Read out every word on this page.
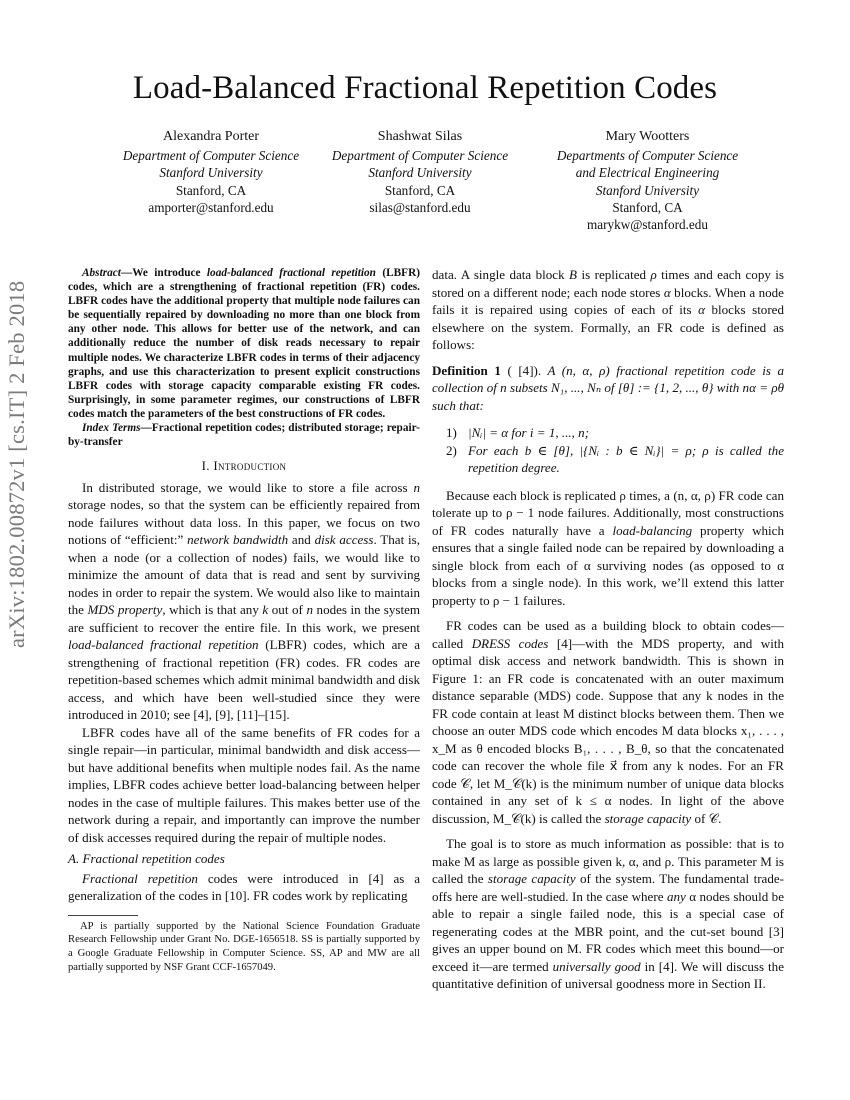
arXiv:1802.00872v1 [cs.IT] 2 Feb 2018
Load-Balanced Fractional Repetition Codes
Alexandra Porter
Department of Computer Science
Stanford University
Stanford, CA
amporter@stanford.edu
Shashwat Silas
Department of Computer Science
Stanford University
Stanford, CA
silas@stanford.edu
Mary Wootters
Departments of Computer Science
and Electrical Engineering
Stanford University
Stanford, CA
marykw@stanford.edu

Abstract—We introduce load-balanced fractional repetition (LBFR) codes, which are a strengthening of fractional repetition (FR) codes. LBFR codes have the additional property that multiple node failures can be sequentially repaired by downloading no more than one block from any other node. This allows for better use of the network, and can additionally reduce the number of disk reads necessary to repair multiple nodes. We characterize LBFR codes in terms of their adjacency graphs, and use this characterization to present explicit constructions LBFR codes with storage capacity comparable existing FR codes. Surprisingly, in some parameter regimes, our constructions of LBFR codes match the parameters of the best constructions of FR codes.

Index Terms—Fractional repetition codes; distributed storage; repair-by-transfer

I. Introduction

In distributed storage, we would like to store a file across n storage nodes, so that the system can be efficiently repaired from node failures without data loss. In this paper, we focus on two notions of “efficient:” network bandwidth and disk access. That is, when a node (or a collection of nodes) fails, we would like to minimize the amount of data that is read and sent by surviving nodes in order to repair the system. We would also like to maintain the MDS property, which is that any k out of n nodes in the system are sufficient to recover the entire file. In this work, we present load-balanced fractional repetition (LBFR) codes, which are a strengthening of fractional repetition (FR) codes. FR codes are repetition-based schemes which admit minimal bandwidth and disk access, and which have been well-studied since they were introduced in 2010; see [4], [9], [11]–[15].

LBFR codes have all of the same benefits of FR codes for a single repair—in particular, minimal bandwidth and disk access—but have additional benefits when multiple nodes fail. As the name implies, LBFR codes achieve better load-balancing between helper nodes in the case of multiple failures. This makes better use of the network during a repair, and importantly can improve the number of disk accesses required during the repair of multiple nodes.

A. Fractional repetition codes

Fractional repetition codes were introduced in [4] as a generalization of the codes in [10]. FR codes work by replicating

AP is partially supported by the National Science Foundation Graduate Research Fellowship under Grant No. DGE-1656518. SS is partially supported by a Google Graduate Fellowship in Computer Science. SS, AP and MW are all partially supported by NSF Grant CCF-1657049.

data. A single data block B is replicated ρ times and each copy is stored on a different node; each node stores α blocks. When a node fails it is repaired using copies of each of its α blocks stored elsewhere on the system. Formally, an FR code is defined as follows:

Definition 1 ( [4]). A (n, α, ρ) fractional repetition code is a collection of n subsets N₁, ..., Nₙ of [θ] := {1, 2, ..., θ} with nα = ρθ such that:

1) |Nᵢ| = α for i = 1, ..., n;
2) For each b ∈ [θ], |{Nᵢ : b ∈ Nᵢ}| = ρ; ρ is called the repetition degree.

Because each block is replicated ρ times, a (n, α, ρ) FR code can tolerate up to ρ − 1 node failures. Additionally, most constructions of FR codes naturally have a load-balancing property which ensures that a single failed node can be repaired by downloading a single block from each of α surviving nodes (as opposed to α blocks from a single node). In this work, we’ll extend this latter property to ρ − 1 failures.

FR codes can be used as a building block to obtain codes—called DRESS codes [4]—with the MDS property, and with optimal disk access and network bandwidth. This is shown in Figure 1: an FR code is concatenated with an outer maximum distance separable (MDS) code. Suppose that any k nodes in the FR code contain at least M distinct blocks between them. Then we choose an outer MDS code which encodes M data blocks x₁, . . . , x_M as θ encoded blocks B₁, . . . , B_θ, so that the concatenated code can recover the whole file x⃗ from any k nodes. For an FR code 𝒞, let M_𝒞(k) is the minimum number of unique data blocks contained in any set of k ≤ α nodes. In light of the above discussion, M_𝒞(k) is called the storage capacity of 𝒞.

The goal is to store as much information as possible: that is to make M as large as possible given k, α, and ρ. This parameter M is called the storage capacity of the system. The fundamental trade-offs here are well-studied. In the case where any α nodes should be able to repair a single failed node, this is a special case of regenerating codes at the MBR point, and the cut-set bound [3] gives an upper bound on M. FR codes which meet this bound—or exceed it—are termed universally good in [4]. We will discuss the quantitative definition of universal goodness more in Section II.
